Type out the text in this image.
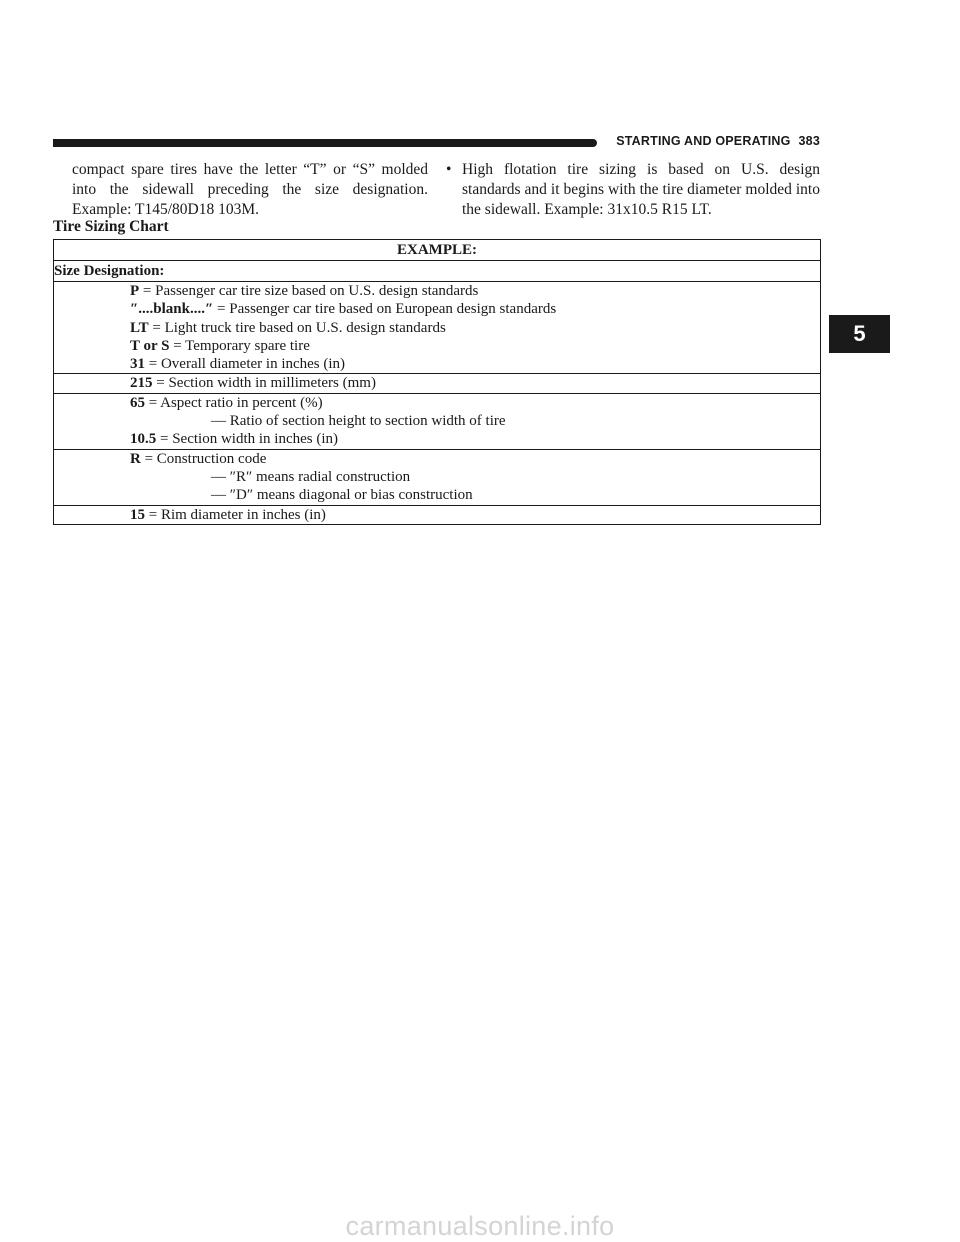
STARTING AND OPERATING 383
compact spare tires have the letter “T” or “S” molded into the sidewall preceding the size designation. Example: T145/80D18 103M.
• High flotation tire sizing is based on U.S. design standards and it begins with the tire diameter molded into the sidewall. Example: 31x10.5 R15 LT.
Tire Sizing Chart
EXAMPLE:
Size Designation:

P = Passenger car tire size based on U.S. design standards
″....blank....″ = Passenger car tire based on European design standards
LT = Light truck tire based on U.S. design standards
T or S = Temporary spare tire
31 = Overall diameter in inches (in)

215 = Section width in millimeters (mm)

65 = Aspect ratio in percent (%)
— Ratio of section height to section width of tire
10.5 = Section width in inches (in)

R = Construction code
— ″R″ means radial construction
— ″D″ means diagonal or bias construction

15 = Rim diameter in inches (in)
5
carmanualsonline.info
